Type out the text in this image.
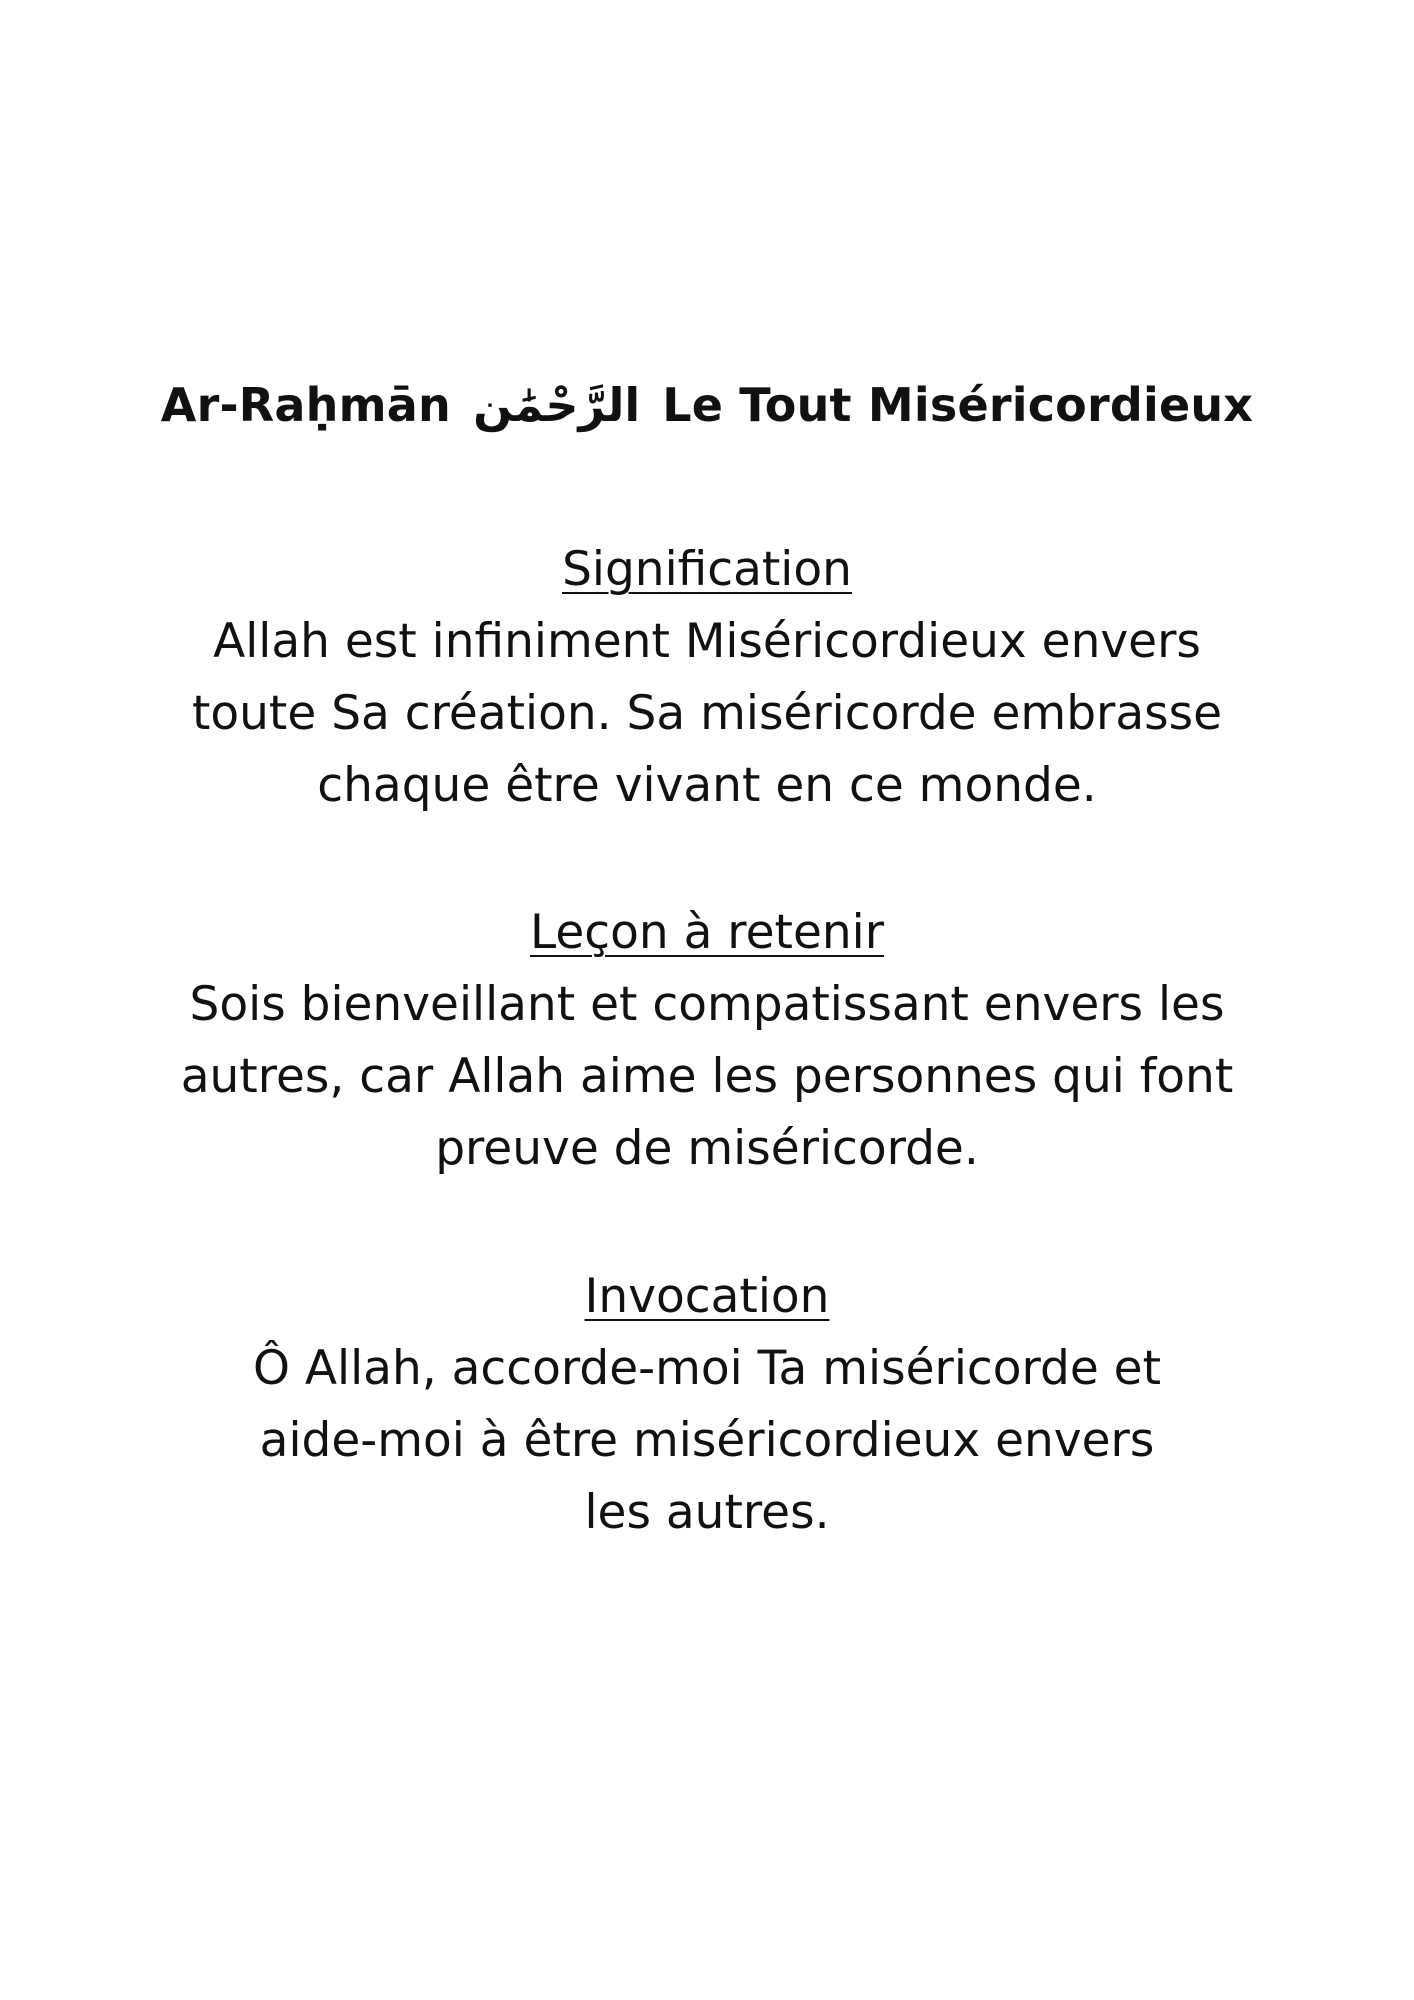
Ar-Raḥmān الرَّحْمَٰن Le Tout Miséricordieux
Signification
Allah est infiniment Miséricordieux envers
toute Sa création. Sa miséricorde embrasse
chaque être vivant en ce monde.
Leçon à retenir
Sois bienveillant et compatissant envers les
autres, car Allah aime les personnes qui font
preuve de miséricorde.
Invocation
Ô Allah, accorde-moi Ta miséricorde et
aide-moi à être miséricordieux envers
les autres.
